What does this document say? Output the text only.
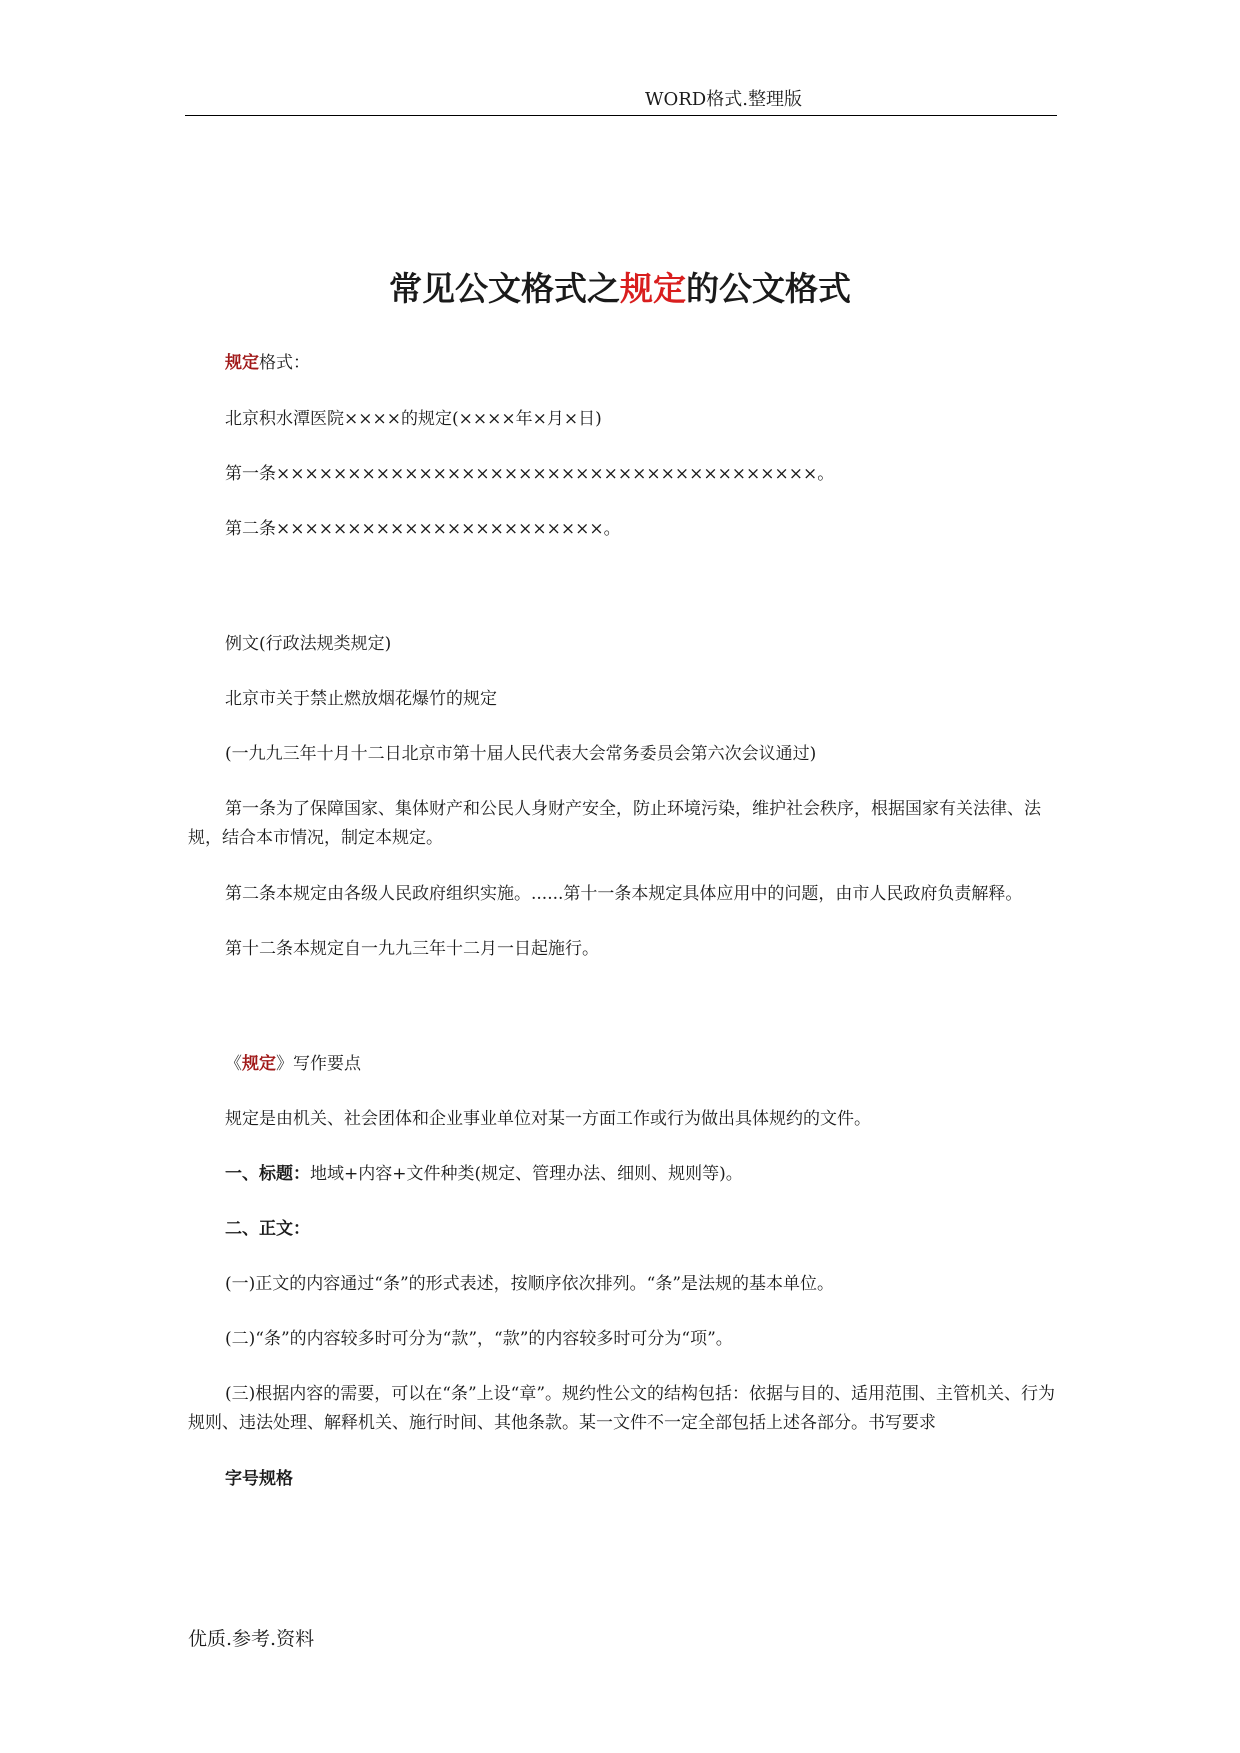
WORD格式.整理版
常见公文格式之规定的公文格式
规定格式：
北京积水潭医院××××的规定(××××年×月×日)
第一条××××××××××××××××××××××××××××××××××××××。
第二条×××××××××××××××××××××××。
例文(行政法规类规定)
北京市关于禁止燃放烟花爆竹的规定
(一九九三年十月十二日北京市第十届人民代表大会常务委员会第六次会议通过)
第一条为了保障国家、集体财产和公民人身财产安全，防止环境污染，维护社会秩序，根据国家有关法律、法规，结合本市情况，制定本规定。
第二条本规定由各级人民政府组织实施。......第十一条本规定具体应用中的问题，由市人民政府负责解释。
第十二条本规定自一九九三年十二月一日起施行。
《规定》写作要点
规定是由机关、社会团体和企业事业单位对某一方面工作或行为做出具体规约的文件。
一、标题：地域+内容+文件种类(规定、管理办法、细则、规则等)。
二、正文：
(一)正文的内容通过“条”的形式表述，按顺序依次排列。“条”是法规的基本单位。
(二)“条”的内容较多时可分为“款”，“款”的内容较多时可分为“项”。
(三)根据内容的需要，可以在“条”上设“章”。规约性公文的结构包括：依据与目的、适用范围、主管机关、行为规则、违法处理、解释机关、施行时间、其他条款。某一文件不一定全部包括上述各部分。书写要求
字号规格
优质.参考.资料
